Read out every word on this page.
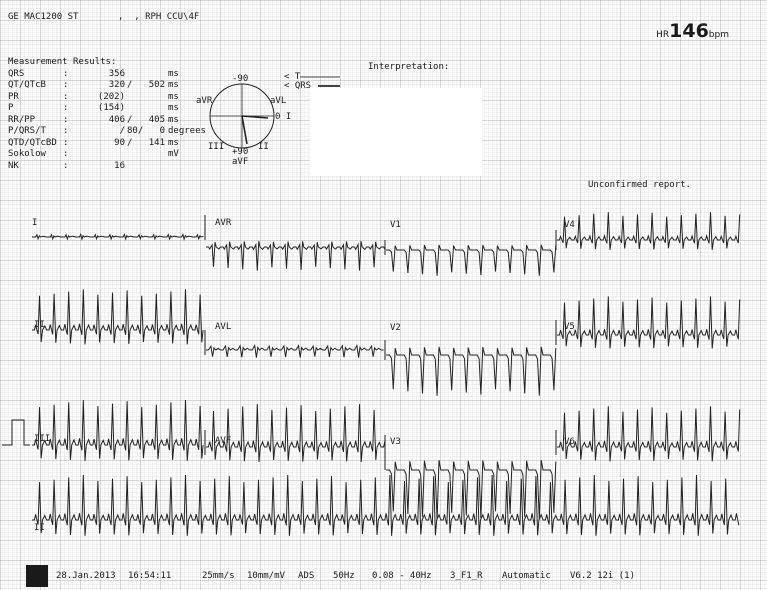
GE MAC1200 ST	,  , RPH CCU\4F
HR146bpm
Measurement Results:
QRS	:	356	ms
QT/QTcB	:	320 /	502 ms
PR	:	(202)	ms
P	:	(154)	ms
RR/PP	:	406 /	405 ms
P/QRS/T	:	/ 80/	0 degrees
QTD/QTcBD :	90 /	141 ms
Sokolow	:	mV
NK	:	16
Interpretation:
Unconfirmed report.
-90
aVR	aVL
0 I
III	II
+90
aVF
< T
< QRS
I	AVR	V1	V4
II	AVL	V2	V5
III	AVF	V3	V6
II
28.Jan.2013 16:54:11	25mm/s 10mm/mV ADS 50Hz 0.08 - 40Hz 3_F1_R Automatic V6.2 12i (1)
